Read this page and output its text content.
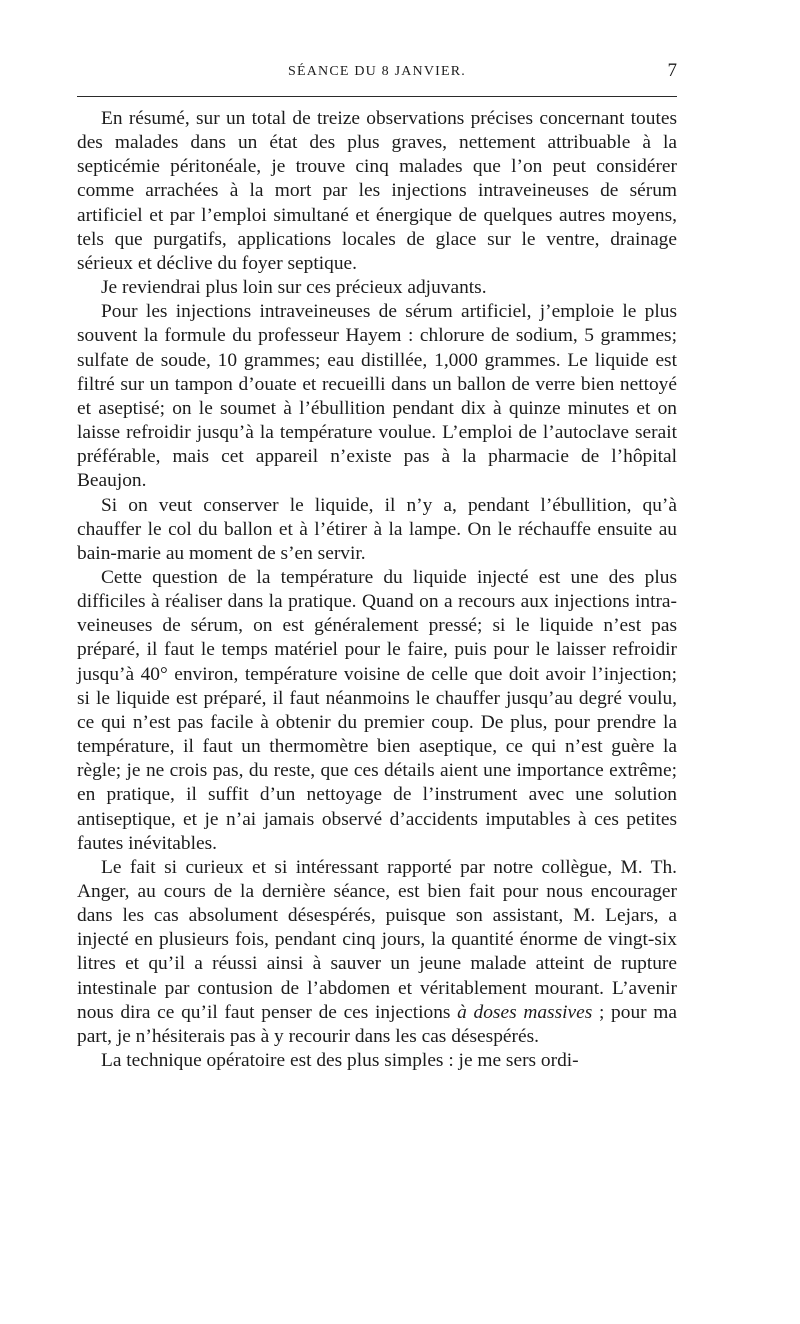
SÉANCE DU 8 JANVIER.	7

En résumé, sur un total de treize observations précises concernant toutes des malades dans un état des plus graves, nettement attribuable à la septicémie péritonéale, je trouve cinq malades que l’on peut considérer comme arrachées à la mort par les injections intraveineuses de sérum artificiel et par l’emploi simultané et énergique de quelques autres moyens, tels que purgatifs, applications locales de glace sur le ventre, drainage sérieux et déclive du foyer septique.

Je reviendrai plus loin sur ces précieux adjuvants.

Pour les injections intraveineuses de sérum artificiel, j’emploie le plus souvent la formule du professeur Hayem : chlorure de sodium, 5 grammes; sulfate de soude, 10 grammes; eau distillée, 1,000 grammes. Le liquide est filtré sur un tampon d’ouate et recueilli dans un ballon de verre bien nettoyé et aseptisé; on le soumet à l’ébullition pendant dix à quinze minutes et on laisse refroidir jusqu’à la température voulue. L’emploi de l’autoclave serait préférable, mais cet appareil n’existe pas à la pharmacie de l’hôpital Beaujon.

Si on veut conserver le liquide, il n’y a, pendant l’ébullition, qu’à chauffer le col du ballon et à l’étirer à la lampe. On le réchauffe ensuite au bain-marie au moment de s’en servir.

Cette question de la température du liquide injecté est une des plus difficiles à réaliser dans la pratique. Quand on a recours aux injections intra-veineuses de sérum, on est généralement pressé; si le liquide n’est pas préparé, il faut le temps matériel pour le faire, puis pour le laisser refroidir jusqu’à 40° environ, température voisine de celle que doit avoir l’injection; si le liquide est préparé, il faut néanmoins le chauffer jusqu’au degré voulu, ce qui n’est pas facile à obtenir du premier coup. De plus, pour prendre la température, il faut un thermomètre bien aseptique, ce qui n’est guère la règle; je ne crois pas, du reste, que ces détails aient une importance extrême; en pratique, il suffit d’un nettoyage de l’instrument avec une solution antiseptique, et je n’ai jamais observé d’accidents imputables à ces petites fautes inévitables.

Le fait si curieux et si intéressant rapporté par notre collègue, M. Th. Anger, au cours de la dernière séance, est bien fait pour nous encourager dans les cas absolument désespérés, puisque son assistant, M. Lejars, a injecté en plusieurs fois, pendant cinq jours, la quantité énorme de vingt-six litres et qu’il a réussi ainsi à sauver un jeune malade atteint de rupture intestinale par contusion de l’abdomen et véritablement mourant. L’avenir nous dira ce qu’il faut penser de ces injections à doses massives ; pour ma part, je n’hésiterais pas à y recourir dans les cas désespérés.

La technique opératoire est des plus simples : je me sers ordi-
